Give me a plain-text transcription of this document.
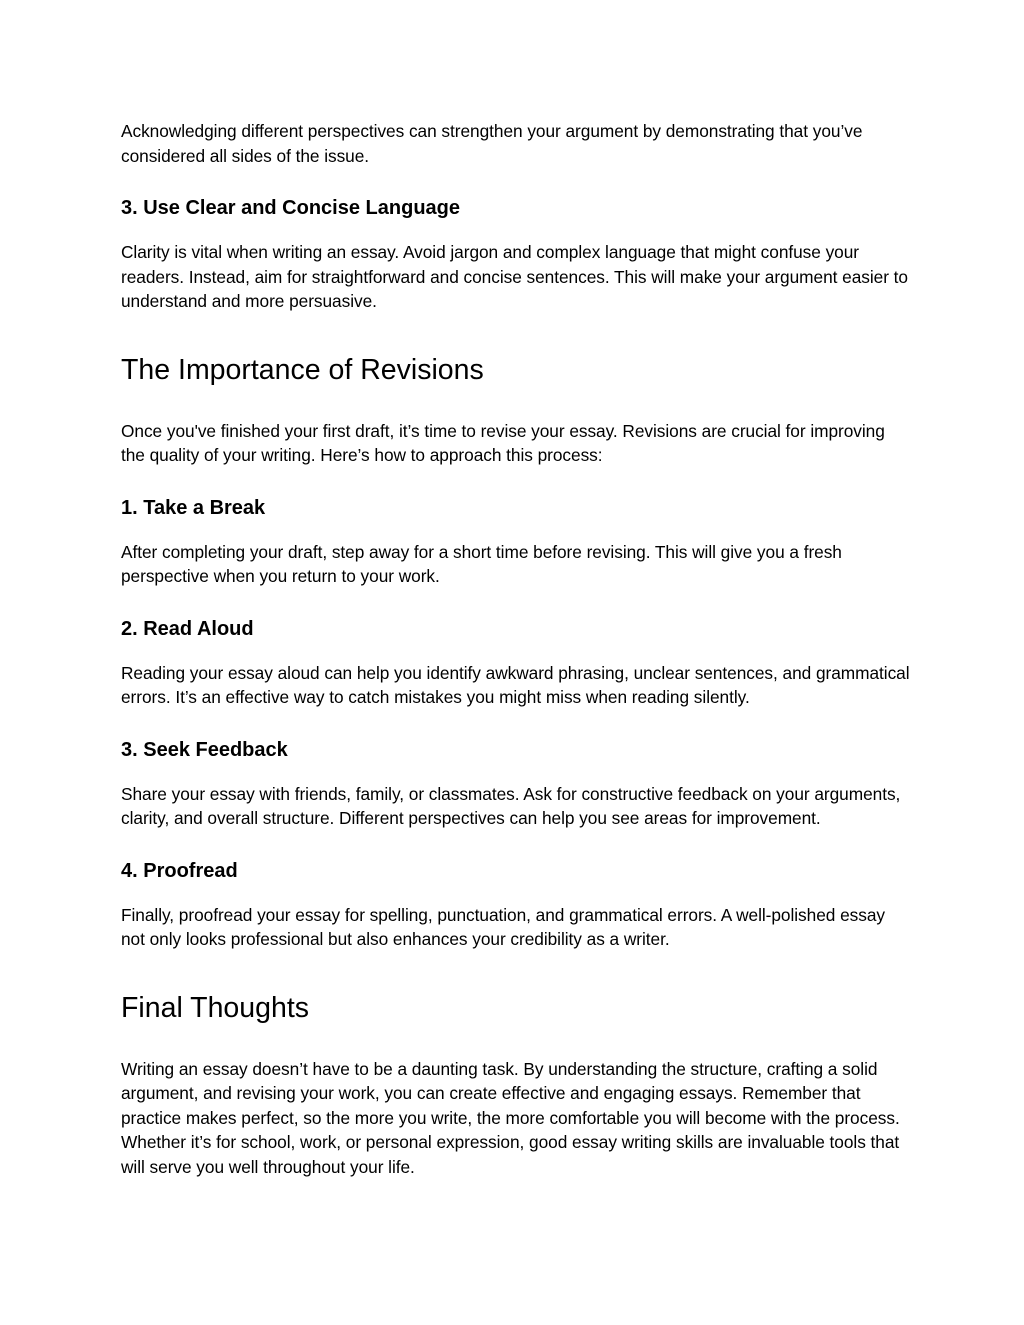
Acknowledging different perspectives can strengthen your argument by demonstrating that you’ve considered all sides of the issue.

3. Use Clear and Concise Language

Clarity is vital when writing an essay. Avoid jargon and complex language that might confuse your readers. Instead, aim for straightforward and concise sentences. This will make your argument easier to understand and more persuasive.

The Importance of Revisions

Once you've finished your first draft, it’s time to revise your essay. Revisions are crucial for improving the quality of your writing. Here’s how to approach this process:

1. Take a Break

After completing your draft, step away for a short time before revising. This will give you a fresh perspective when you return to your work.

2. Read Aloud

Reading your essay aloud can help you identify awkward phrasing, unclear sentences, and grammatical errors. It’s an effective way to catch mistakes you might miss when reading silently.

3. Seek Feedback

Share your essay with friends, family, or classmates. Ask for constructive feedback on your arguments, clarity, and overall structure. Different perspectives can help you see areas for improvement.

4. Proofread

Finally, proofread your essay for spelling, punctuation, and grammatical errors. A well-polished essay not only looks professional but also enhances your credibility as a writer.

Final Thoughts

Writing an essay doesn’t have to be a daunting task. By understanding the structure, crafting a solid argument, and revising your work, you can create effective and engaging essays. Remember that practice makes perfect, so the more you write, the more comfortable you will become with the process. Whether it’s for school, work, or personal expression, good essay writing skills are invaluable tools that will serve you well throughout your life.
